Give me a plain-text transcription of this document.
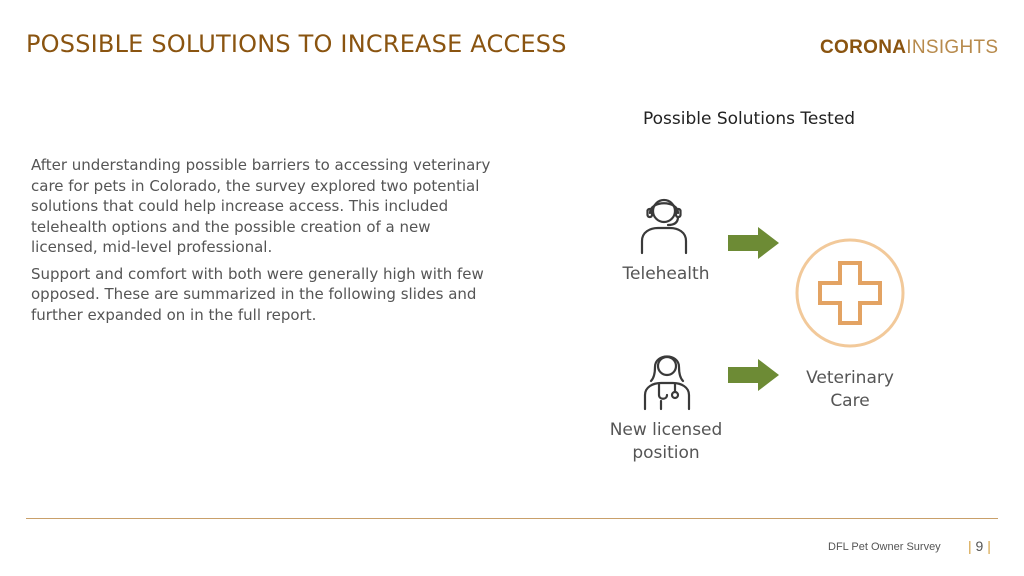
POSSIBLE SOLUTIONS TO INCREASE ACCESS	CORONAINSIGHTS

After understanding possible barriers to accessing veterinary care for pets in Colorado, the survey explored two potential solutions that could help increase access. This included telehealth options and the possible creation of a new licensed, mid-level professional.

Support and comfort with both were generally high with few opposed. These are summarized in the following slides and further expanded on in the full report.

Possible Solutions Tested
Telehealth
New licensed
position
Veterinary
Care
DFL Pet Owner Survey | 9 |
